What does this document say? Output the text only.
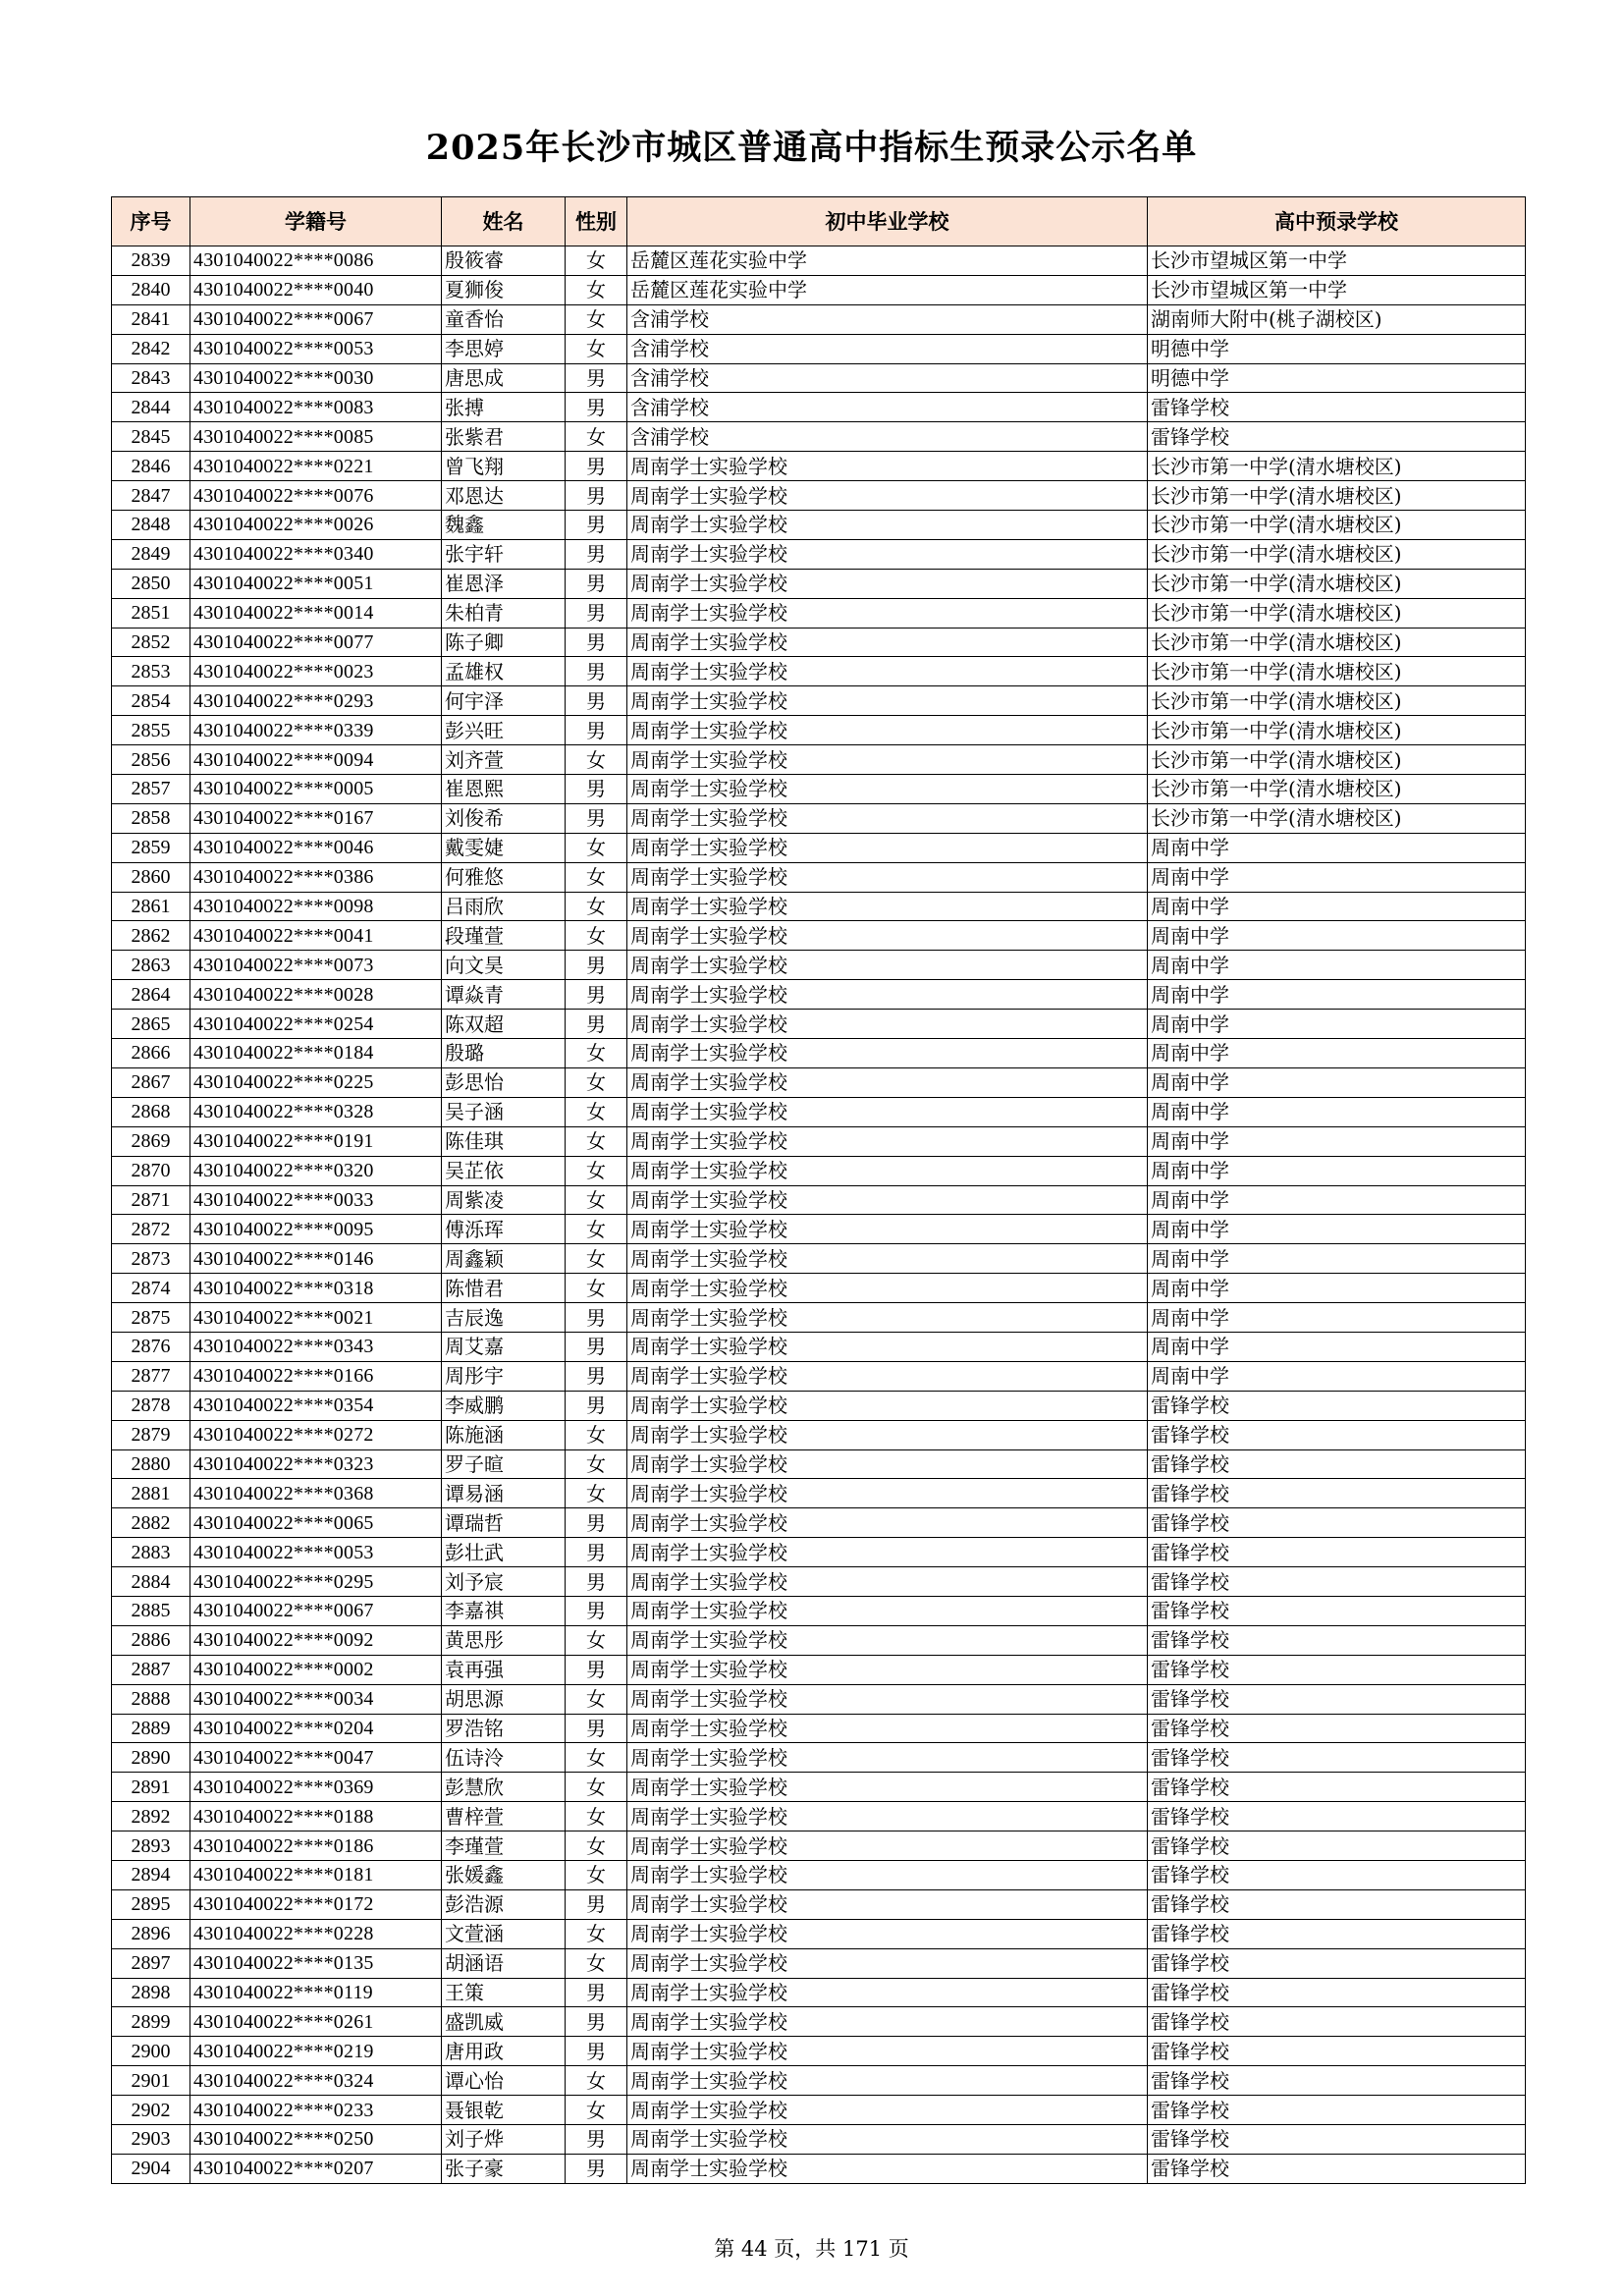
2025年长沙市城区普通高中指标生预录公示名单
序号	学籍号	姓名	性别	初中毕业学校	高中预录学校
2839	4301040022****0086	殷筱睿	女	岳麓区莲花实验中学	长沙市望城区第一中学
2840	4301040022****0040	夏狮俊	女	岳麓区莲花实验中学	长沙市望城区第一中学
2841	4301040022****0067	童香怡	女	含浦学校	湖南师大附中(桃子湖校区)
2842	4301040022****0053	李思婷	女	含浦学校	明德中学
2843	4301040022****0030	唐思成	男	含浦学校	明德中学
2844	4301040022****0083	张搏	男	含浦学校	雷锋学校
2845	4301040022****0085	张紫君	女	含浦学校	雷锋学校
2846	4301040022****0221	曾飞翔	男	周南学士实验学校	长沙市第一中学(清水塘校区)
2847	4301040022****0076	邓恩达	男	周南学士实验学校	长沙市第一中学(清水塘校区)
2848	4301040022****0026	魏鑫	男	周南学士实验学校	长沙市第一中学(清水塘校区)
2849	4301040022****0340	张宇轩	男	周南学士实验学校	长沙市第一中学(清水塘校区)
2850	4301040022****0051	崔恩泽	男	周南学士实验学校	长沙市第一中学(清水塘校区)
2851	4301040022****0014	朱柏青	男	周南学士实验学校	长沙市第一中学(清水塘校区)
2852	4301040022****0077	陈子卿	男	周南学士实验学校	长沙市第一中学(清水塘校区)
2853	4301040022****0023	孟雄权	男	周南学士实验学校	长沙市第一中学(清水塘校区)
2854	4301040022****0293	何宇泽	男	周南学士实验学校	长沙市第一中学(清水塘校区)
2855	4301040022****0339	彭兴旺	男	周南学士实验学校	长沙市第一中学(清水塘校区)
2856	4301040022****0094	刘齐萱	女	周南学士实验学校	长沙市第一中学(清水塘校区)
2857	4301040022****0005	崔恩熙	男	周南学士实验学校	长沙市第一中学(清水塘校区)
2858	4301040022****0167	刘俊希	男	周南学士实验学校	长沙市第一中学(清水塘校区)
2859	4301040022****0046	戴雯婕	女	周南学士实验学校	周南中学
2860	4301040022****0386	何雅悠	女	周南学士实验学校	周南中学
2861	4301040022****0098	吕雨欣	女	周南学士实验学校	周南中学
2862	4301040022****0041	段瑾萱	女	周南学士实验学校	周南中学
2863	4301040022****0073	向文昊	男	周南学士实验学校	周南中学
2864	4301040022****0028	谭焱青	男	周南学士实验学校	周南中学
2865	4301040022****0254	陈双超	男	周南学士实验学校	周南中学
2866	4301040022****0184	殷璐	女	周南学士实验学校	周南中学
2867	4301040022****0225	彭思怡	女	周南学士实验学校	周南中学
2868	4301040022****0328	吴子涵	女	周南学士实验学校	周南中学
2869	4301040022****0191	陈佳琪	女	周南学士实验学校	周南中学
2870	4301040022****0320	吴芷依	女	周南学士实验学校	周南中学
2871	4301040022****0033	周紫凌	女	周南学士实验学校	周南中学
2872	4301040022****0095	傅泺珲	女	周南学士实验学校	周南中学
2873	4301040022****0146	周鑫颖	女	周南学士实验学校	周南中学
2874	4301040022****0318	陈惜君	女	周南学士实验学校	周南中学
2875	4301040022****0021	吉辰逸	男	周南学士实验学校	周南中学
2876	4301040022****0343	周艾嘉	男	周南学士实验学校	周南中学
2877	4301040022****0166	周彤宇	男	周南学士实验学校	周南中学
2878	4301040022****0354	李威鹏	男	周南学士实验学校	雷锋学校
2879	4301040022****0272	陈施涵	女	周南学士实验学校	雷锋学校
2880	4301040022****0323	罗子暄	女	周南学士实验学校	雷锋学校
2881	4301040022****0368	谭易涵	女	周南学士实验学校	雷锋学校
2882	4301040022****0065	谭瑞哲	男	周南学士实验学校	雷锋学校
2883	4301040022****0053	彭壮武	男	周南学士实验学校	雷锋学校
2884	4301040022****0295	刘予宸	男	周南学士实验学校	雷锋学校
2885	4301040022****0067	李嘉祺	男	周南学士实验学校	雷锋学校
2886	4301040022****0092	黄思彤	女	周南学士实验学校	雷锋学校
2887	4301040022****0002	袁再强	男	周南学士实验学校	雷锋学校
2888	4301040022****0034	胡思源	女	周南学士实验学校	雷锋学校
2889	4301040022****0204	罗浩铭	男	周南学士实验学校	雷锋学校
2890	4301040022****0047	伍诗泠	女	周南学士实验学校	雷锋学校
2891	4301040022****0369	彭慧欣	女	周南学士实验学校	雷锋学校
2892	4301040022****0188	曹梓萱	女	周南学士实验学校	雷锋学校
2893	4301040022****0186	李瑾萱	女	周南学士实验学校	雷锋学校
2894	4301040022****0181	张媛鑫	女	周南学士实验学校	雷锋学校
2895	4301040022****0172	彭浩源	男	周南学士实验学校	雷锋学校
2896	4301040022****0228	文萱涵	女	周南学士实验学校	雷锋学校
2897	4301040022****0135	胡涵语	女	周南学士实验学校	雷锋学校
2898	4301040022****0119	王策	男	周南学士实验学校	雷锋学校
2899	4301040022****0261	盛凯威	男	周南学士实验学校	雷锋学校
2900	4301040022****0219	唐用政	男	周南学士实验学校	雷锋学校
2901	4301040022****0324	谭心怡	女	周南学士实验学校	雷锋学校
2902	4301040022****0233	聂银乾	女	周南学士实验学校	雷锋学校
2903	4301040022****0250	刘子烨	男	周南学士实验学校	雷锋学校
2904	4301040022****0207	张子豪	男	周南学士实验学校	雷锋学校
第 44 页，共 171 页
